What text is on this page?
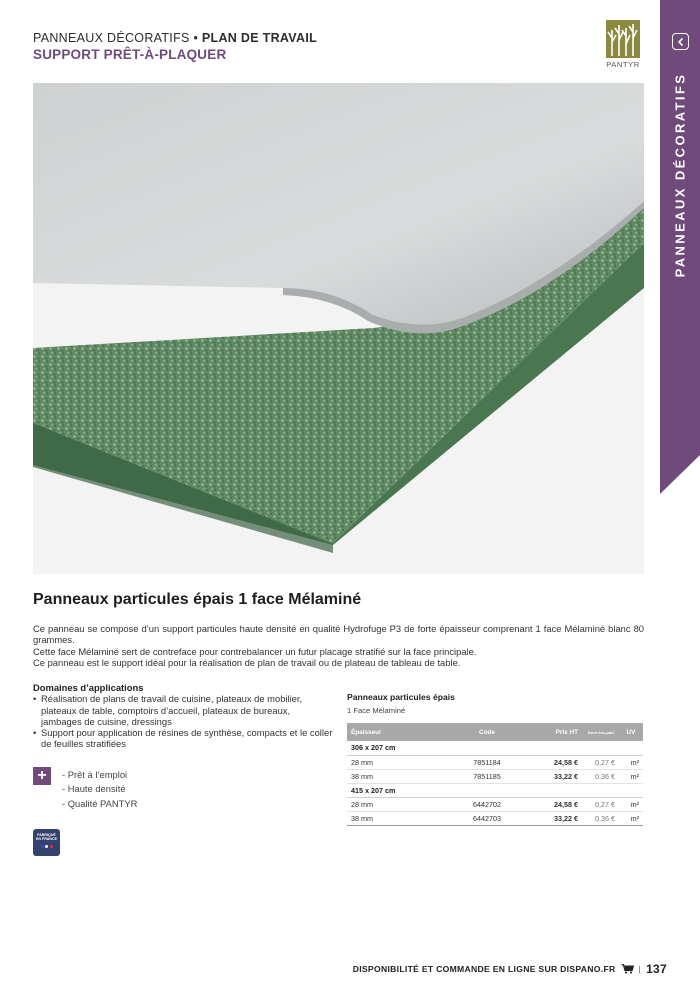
PANNEAUX DÉCORATIFS • PLAN DE TRAVAIL
SUPPORT PRÊT-À-PLAQUER
PANTYR
· · · · ·
PANNEAUX DÉCORATIFS
Panneaux particules épais 1 face Mélaminé

Ce panneau se compose d’un support particules haute densité en qualité Hydrofuge P3 de forte épaisseur comprenant 1 face Mélaminé blanc 80 grammes.

Cette face Mélaminé sert de contreface pour contrebalancer un futur placage stratifié sur la face principale.

Ce panneau est le support idéal pour la réalisation de plan de travail ou de plateau de tableau de table.

Domaines d’applications
• Réalisation de plans de travail de cuisine, plateaux de mobilier, plateaux de table, comptoirs d’accueil, plateaux de bureaux, jambages de cuisine, dressings
• Support pour application de résines de synthèse, compacts et le coller de feuilles stratifiées
+	- Prêt à l’emploi
- Haute densité
- Qualité PANTYR
FABRIQUÉ
EN FRANCE
Panneaux particules épais
1 Face Mélaminé
Épaisseur	Code	Prix HT	Dont éco-part.	UV
306 x 207 cm				
28 mm	7851184	24,58 €	0,27 €	m²
38 mm	7851185	33,22 €	0,36 €	m²
415 x 207 cm				
28 mm	6442702	24,58 €	0,27 €	m²
38 mm	6442703	33,22 €	0,36 €	m²
DISPONIBILITÉ ET COMMANDE EN LIGNE SUR DISPANO.FR	| 137
